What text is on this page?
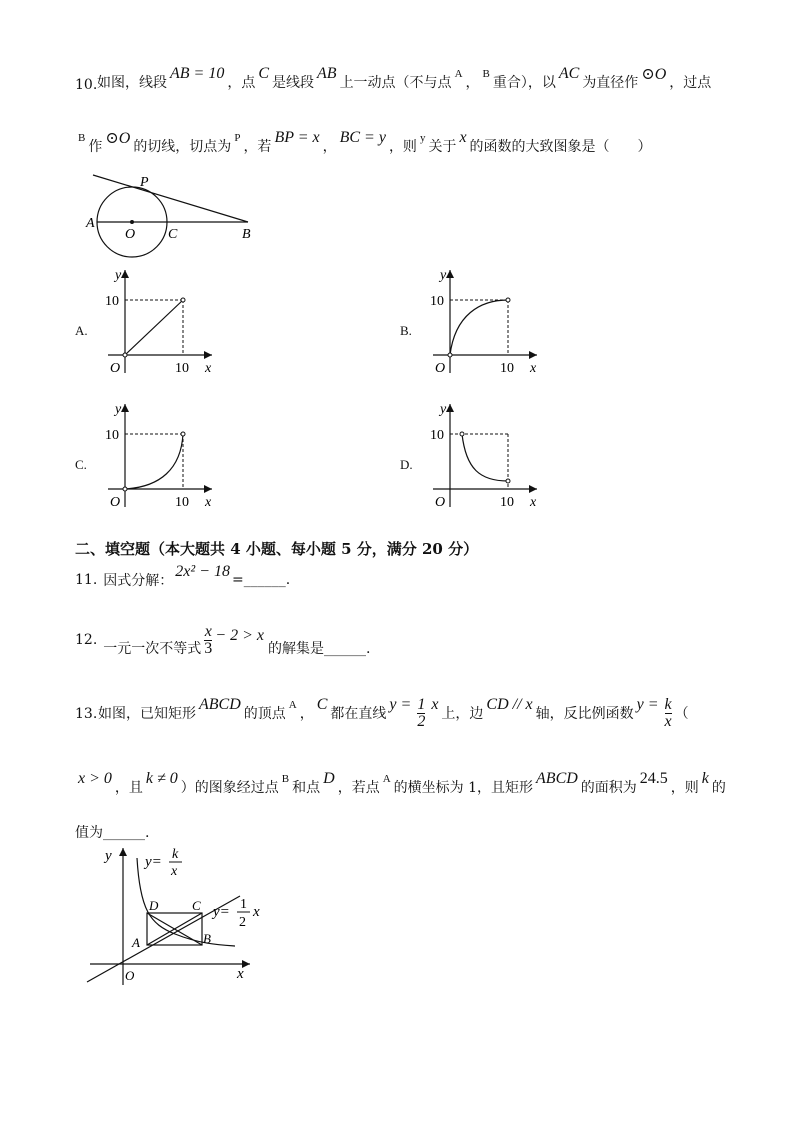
10. 如图，线段
AB = 10
，点
C
是线段
AB
上一动点（不与点
A
，
B
重合），以
AC
为直径作 ⊙O ，过点
B
作 ⊙O 的切线，切点为
P
，若
BP = x
，
BC = y
，则
y
关于
x
的函数的大致图象是（　　）
P
A
O C	B
A.	B.
C.	D.
y
x
O
10
10
y
x
O
10
10
y
x
O
10
10
y
x
O
10
10
二、填空题（本大题共 4 小题、每小题 5 分，满分 20 分）
11. 因式分解：
2x² − 18 =______.
12.
一元一次不等式 $\frac{x}{3} - 2 > x$
的解集是______.
13. 如图，已知矩形
ABCD
的顶点
A
，
C
都在直线
$y = \frac{1}{2}$ x
上，边
CD // x
轴，反比例函数
$y = \frac{k}{x}$ （
x > 0
，且
k ≠ 0
）的图象经过点
B
和点
D
，若点
A
的横坐标为 1，且矩形
ABCD
的面积为
24.5
，则
k
的
值为______.
y
x
O
A	B
C
D
y= k
x
y= 1
2
x
